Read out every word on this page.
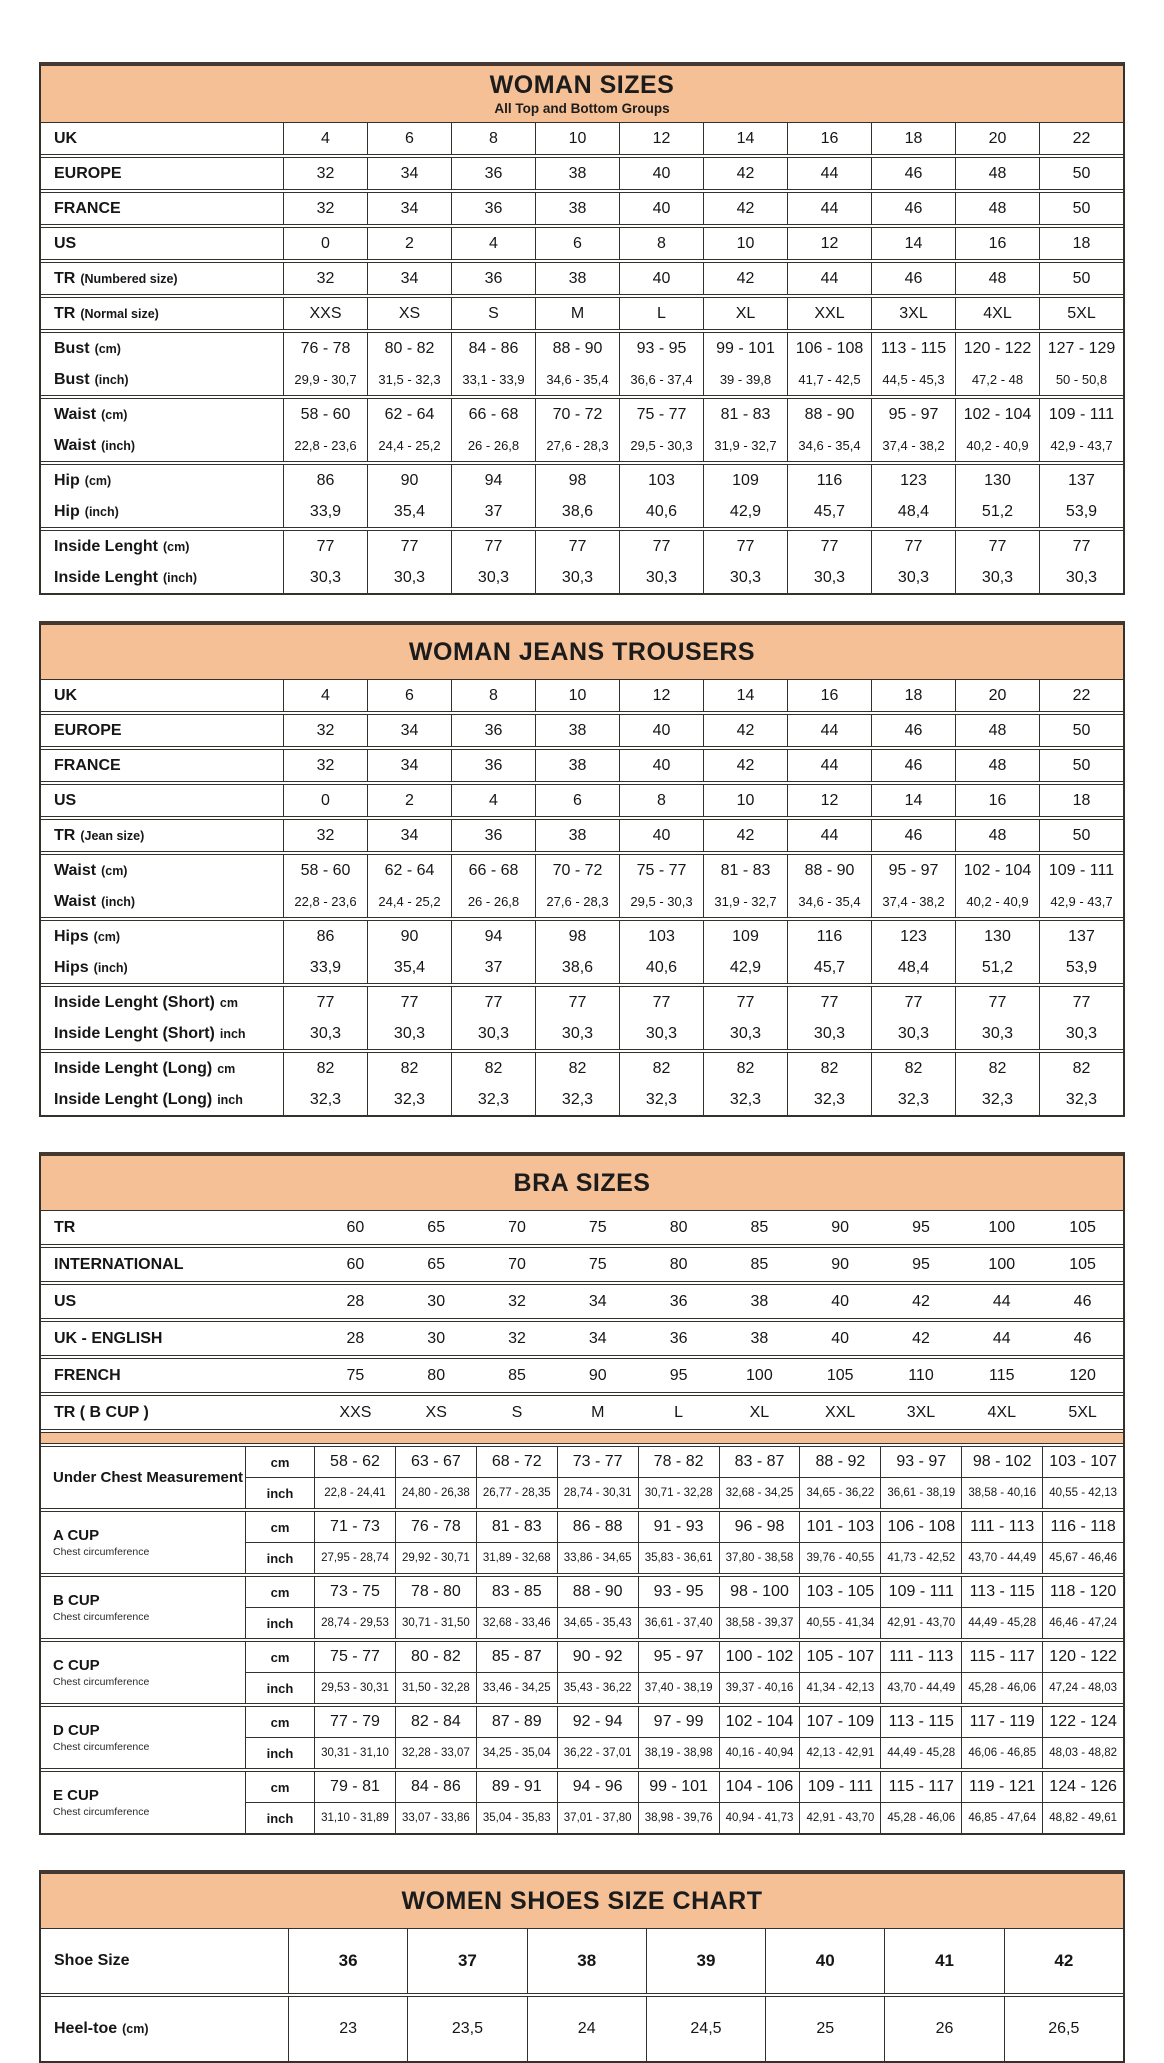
WOMAN SIZES
All Top and Bottom Groups
UK	4	6	8	10	12	14	16	18	20	22
EUROPE	32	34	36	38	40	42	44	46	48	50
FRANCE	32	34	36	38	40	42	44	46	48	50
US	0	2	4	6	8	10	12	14	16	18
TR (Numbered size)	32	34	36	38	40	42	44	46	48	50
TR (Normal size)	XXS	XS	S	M	L	XL	XXL	3XL	4XL	5XL
Bust (cm)	76 - 78	80 - 82	84 - 86	88 - 90	93 - 95	99 - 101	106 - 108	113 - 115	120 - 122	127 - 129
Bust (inch)	29,9 - 30,7	31,5 - 32,3	33,1 - 33,9	34,6 - 35,4	36,6 - 37,4	39 - 39,8	41,7 - 42,5	44,5 - 45,3	47,2 - 48	50 - 50,8
Waist (cm)	58 - 60	62 - 64	66 - 68	70 - 72	75 - 77	81 - 83	88 - 90	95 - 97	102 - 104	109 - 111
Waist (inch)	22,8 - 23,6	24,4 - 25,2	26 - 26,8	27,6 - 28,3	29,5 - 30,3	31,9 - 32,7	34,6 - 35,4	37,4 - 38,2	40,2 - 40,9	42,9 - 43,7
Hip (cm)	86	90	94	98	103	109	116	123	130	137
Hip (inch)	33,9	35,4	37	38,6	40,6	42,9	45,7	48,4	51,2	53,9
Inside Lenght (cm)	77	77	77	77	77	77	77	77	77	77
Inside Lenght (inch)	30,3	30,3	30,3	30,3	30,3	30,3	30,3	30,3	30,3	30,3
WOMAN JEANS TROUSERS
UK	4	6	8	10	12	14	16	18	20	22
EUROPE	32	34	36	38	40	42	44	46	48	50
FRANCE	32	34	36	38	40	42	44	46	48	50
US	0	2	4	6	8	10	12	14	16	18
TR (Jean size)	32	34	36	38	40	42	44	46	48	50
Waist (cm)	58 - 60	62 - 64	66 - 68	70 - 72	75 - 77	81 - 83	88 - 90	95 - 97	102 - 104	109 - 111
Waist (inch)	22,8 - 23,6	24,4 - 25,2	26 - 26,8	27,6 - 28,3	29,5 - 30,3	31,9 - 32,7	34,6 - 35,4	37,4 - 38,2	40,2 - 40,9	42,9 - 43,7
Hips (cm)	86	90	94	98	103	109	116	123	130	137
Hips (inch)	33,9	35,4	37	38,6	40,6	42,9	45,7	48,4	51,2	53,9
Inside Lenght (Short) cm	77	77	77	77	77	77	77	77	77	77
Inside Lenght (Short) inch	30,3	30,3	30,3	30,3	30,3	30,3	30,3	30,3	30,3	30,3
Inside Lenght (Long) cm	82	82	82	82	82	82	82	82	82	82
Inside Lenght (Long) inch	32,3	32,3	32,3	32,3	32,3	32,3	32,3	32,3	32,3	32,3
BRA SIZES
TR	60	65	70	75	80	85	90	95	100	105
INTERNATIONAL	60	65	70	75	80	85	90	95	100	105
US	28	30	32	34	36	38	40	42	44	46
UK - ENGLISH	28	30	32	34	36	38	40	42	44	46
FRENCH	75	80	85	90	95	100	105	110	115	120
TR ( B CUP )	XXS	XS	S	M	L	XL	XXL	3XL	4XL	5XL
Under Chest Measurement
cm	58 - 62	63 - 67	68 - 72	73 - 77	78 - 82	83 - 87	88 - 92	93 - 97	98 - 102	103 - 107
inch	22,8 - 24,41	24,80 - 26,38	26,77 - 28,35	28,74 - 30,31	30,71 - 32,28	32,68 - 34,25	34,65 - 36,22	36,61 - 38,19	38,58 - 40,16	40,55 - 42,13
A CUP
Chest circumference
cm	71 - 73	76 - 78	81 - 83	86 - 88	91 - 93	96 - 98	101 - 103 106 - 108 111 - 113	116 - 118
inch	27,95 - 28,74	29,92 - 30,71	31,89 - 32,68	33,86 - 34,65	35,83 - 36,61	37,80 - 38,58	39,76 - 40,55	41,73 - 42,52	43,70 - 44,49	45,67 - 46,46
B CUP
Chest circumference
cm	73 - 75	78 - 80	83 - 85	88 - 90	93 - 95	98 - 100	103 - 105 109 - 111 113 - 115 118 - 120
inch	28,74 - 29,53	30,71 - 31,50	32,68 - 33,46	34,65 - 35,43	36,61 - 37,40	38,58 - 39,37	40,55 - 41,34	42,91 - 43,70	44,49 - 45,28	46,46 - 47,24
C CUP
Chest circumference
cm	75 - 77	80 - 82	85 - 87	90 - 92	95 - 97	100 - 102 105 - 107 111 - 113	115 - 117 120 - 122
inch	29,53 - 30,31	31,50 - 32,28	33,46 - 34,25	35,43 - 36,22	37,40 - 38,19	39,37 - 40,16	41,34 - 42,13	43,70 - 44,49	45,28 - 46,06	47,24 - 48,03
D CUP
Chest circumference
cm	77 - 79	82 - 84	87 - 89	92 - 94	97 - 99	102 - 104 107 - 109 113 - 115 117 - 119 122 - 124
inch	30,31 - 31,10	32,28 - 33,07	34,25 - 35,04	36,22 - 37,01	38,19 - 38,98	40,16 - 40,94	42,13 - 42,91	44,49 - 45,28	46,06 - 46,85	48,03 - 48,82
E CUP
Chest circumference
cm	79 - 81	84 - 86	89 - 91	94 - 96	99 - 101	104 - 106 109 - 111 115 - 117 119 - 121 124 - 126
inch	31,10 - 31,89	33,07 - 33,86	35,04 - 35,83	37,01 - 37,80	38,98 - 39,76	40,94 - 41,73	42,91 - 43,70	45,28 - 46,06	46,85 - 47,64	48,82 - 49,61
WOMEN SHOES SIZE CHART
Shoe Size	36	37	38	39	40	41	42
Heel-toe (cm)	23	23,5	24	24,5	25	26	26,5
